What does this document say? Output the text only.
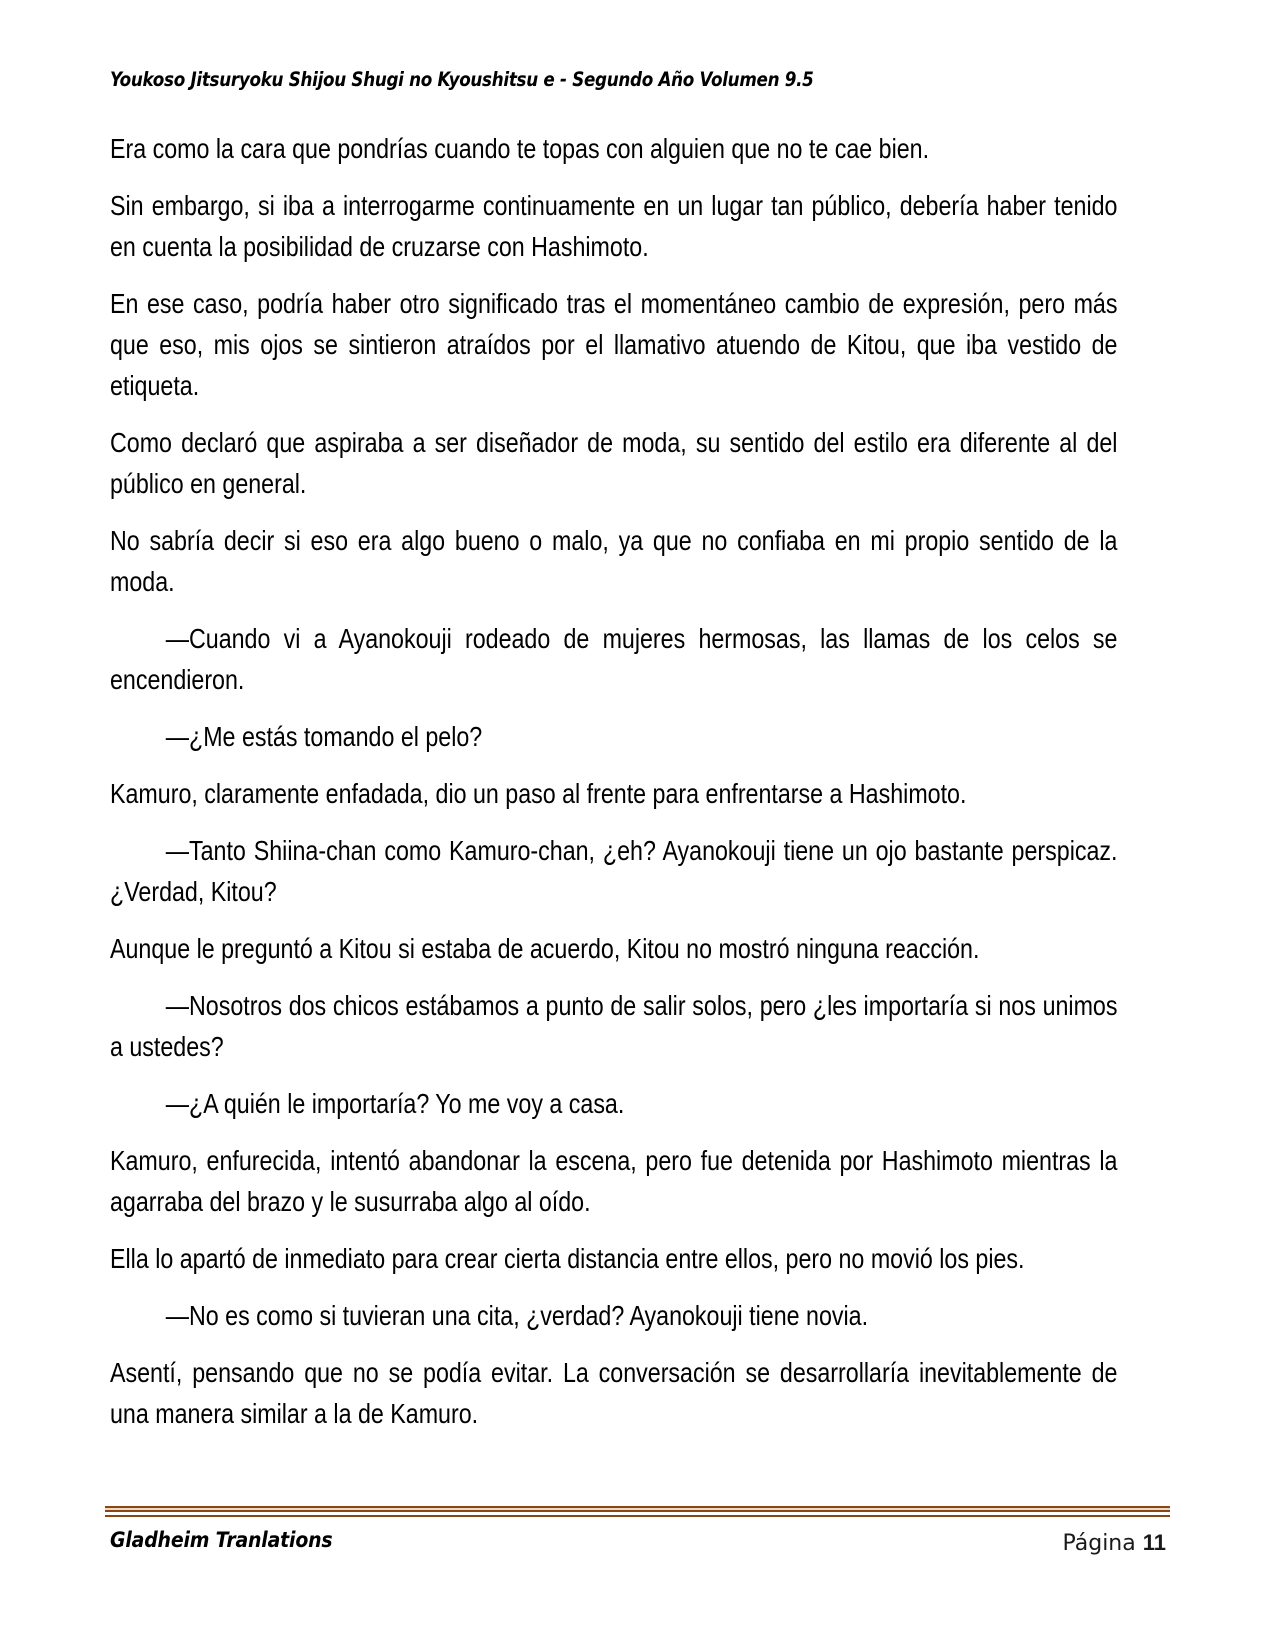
Youkoso Jitsuryoku Shijou Shugi no Kyoushitsu e - Segundo Año Volumen 9.5

Era como la cara que pondrías cuando te topas con alguien que no te cae bien.

Sin embargo, si iba a interrogarme continuamente en un lugar tan público, debería haber tenido en cuenta la posibilidad de cruzarse con Hashimoto.

En ese caso, podría haber otro significado tras el momentáneo cambio de expresión, pero más que eso, mis ojos se sintieron atraídos por el llamativo atuendo de Kitou, que iba vestido de etiqueta.

Como declaró que aspiraba a ser diseñador de moda, su sentido del estilo era diferente al del público en general.

No sabría decir si eso era algo bueno o malo, ya que no confiaba en mi propio sentido de la moda.

—Cuando vi a Ayanokouji rodeado de mujeres hermosas, las llamas de los celos se encendieron.

—¿Me estás tomando el pelo?

Kamuro, claramente enfadada, dio un paso al frente para enfrentarse a Hashimoto.

—Tanto Shiina-chan como Kamuro-chan, ¿eh? Ayanokouji tiene un ojo bastante perspicaz. ¿Verdad, Kitou?

Aunque le preguntó a Kitou si estaba de acuerdo, Kitou no mostró ninguna reacción.

—Nosotros dos chicos estábamos a punto de salir solos, pero ¿les importaría si nos unimos a ustedes?

—¿A quién le importaría? Yo me voy a casa.

Kamuro, enfurecida, intentó abandonar la escena, pero fue detenida por Hashimoto mientras la agarraba del brazo y le susurraba algo al oído.

Ella lo apartó de inmediato para crear cierta distancia entre ellos, pero no movió los pies.

—No es como si tuvieran una cita, ¿verdad? Ayanokouji tiene novia.

Asentí, pensando que no se podía evitar. La conversación se desarrollaría inevitablemente de una manera similar a la de Kamuro.

Gladheim Tranlations	Página 11
